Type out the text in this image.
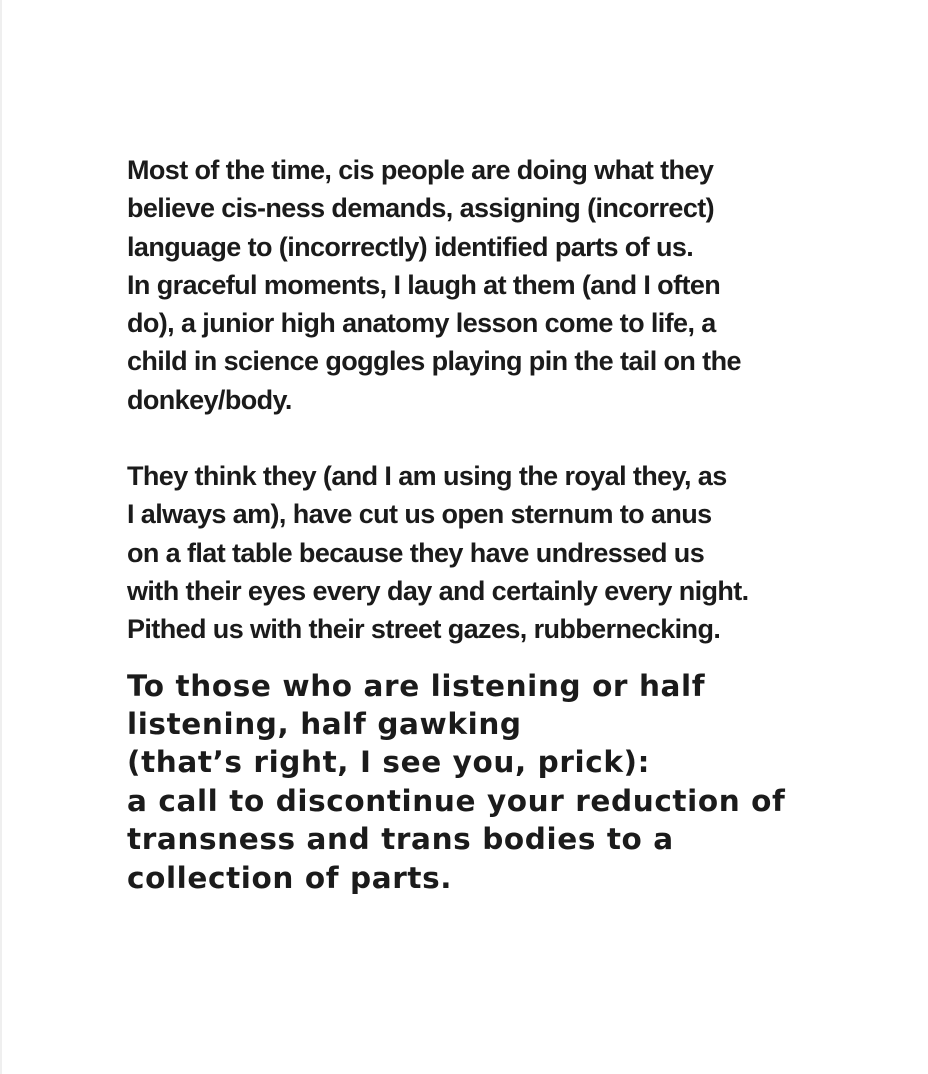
Most of the time, cis people are doing what they
believe cis-ness demands, assigning (incorrect)
language to (incorrectly) identified parts of us.
In graceful moments, I laugh at them (and I often
do), a junior high anatomy lesson come to life, a
child in science goggles playing pin the tail on the
donkey/body.

They think they (and I am using the royal they, as
I always am), have cut us open sternum to anus
on a flat table because they have undressed us
with their eyes every day and certainly every night.
Pithed us with their street gazes, rubbernecking.

To those who are listening or half
listening, half gawking
(that’s right, I see you, prick):
a call to discontinue your reduction of
transness and trans bodies to a
collection of parts.
